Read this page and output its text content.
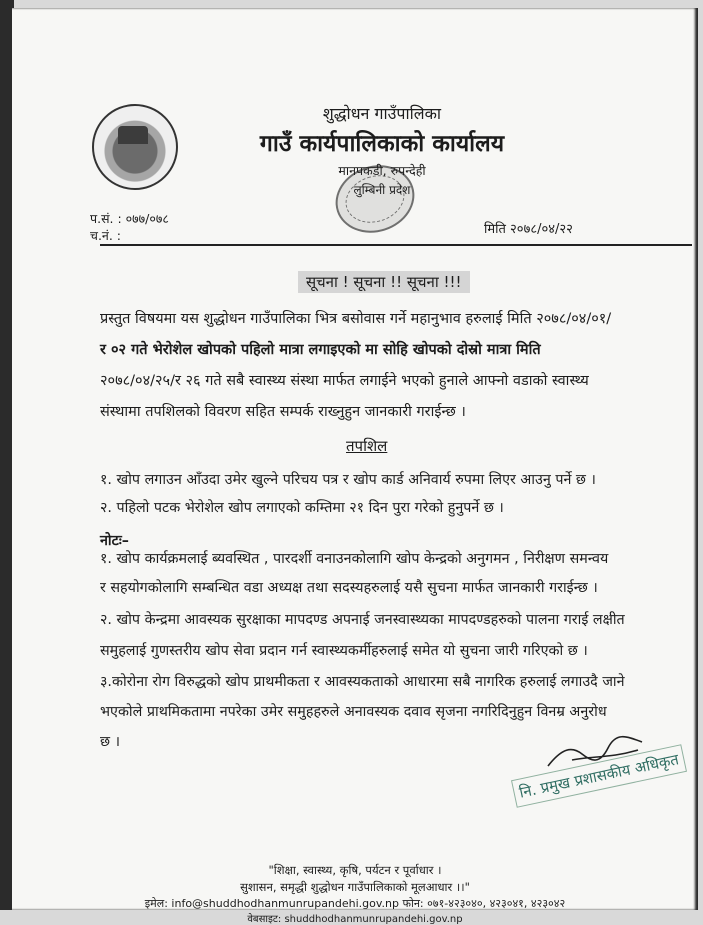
शुद्धोधन गाउँपालिका
गाउँ कार्यपालिकाको कार्यालय
मानपकडी, रुपन्देही
लुम्बिनी प्रदेश
प.सं. : ०७७/०७८
च.नं. :	मिति २०७८/०४/२२
सूचना ! सूचना !! सूचना !!!
प्रस्तुत विषयमा यस शुद्धोधन गाउँपालिका भित्र बसोवास गर्ने महानुभाव हरुलाई मिति २०७८/०४/०१/
र ०२ गते भेरोशेल खोपको पहिलो मात्रा लगाइएको मा सोहि खोपको दोस्रो मात्रा मिति
२०७८/०४/२५/र २६ गते सबै स्वास्थ्य संस्था मार्फत लगाईने भएको हुनाले आफ्नो वडाको स्वास्थ्य
संस्थामा तपशिलको विवरण सहित सम्पर्क राख्नुहुन जानकारी गराईन्छ ।
तपशिल
१. खोप लगाउन आँउदा उमेर खुल्ने परिचय पत्र र खोप कार्ड अनिवार्य रुपमा लिएर आउनु पर्ने छ ।
२. पहिलो पटक भेरोशेल खोप लगाएको कम्तिमा २१ दिन पुरा गरेको हुनुपर्ने छ ।
नोटः–
१. खोप कार्यक्रमलाई ब्यवस्थित , पारदर्शी वनाउनकोलागि खोप केन्द्रको अनुगमन , निरीक्षण समन्वय
र सहयोगकोलागि सम्बन्धित वडा अध्यक्ष तथा सदस्यहरुलाई यसै सुचना मार्फत जानकारी गराईन्छ ।
२. खोप केन्द्रमा आवस्यक सुरक्षाका मापदण्ड अपनाई जनस्वास्थ्यका मापदण्डहरुको पालना गराई लक्षीत
समुहलाई गुणस्तरीय खोप सेवा प्रदान गर्न स्वास्थ्यकर्मीहरुलाई समेत यो सुचना जारी गरिएको छ ।
३.कोरोना रोग विरुद्धको खोप प्राथमीकता र आवस्यकताको आधारमा सबै नागरिक हरुलाई लगाउदै जाने
भएकोले प्राथमिकतामा नपरेका उमेर समुहहरुले अनावस्यक दवाव सृजना नगरिदिनुहुन विनम्र अनुरोध
छ ।
नि. प्रमुख प्रशासकीय अधिकृत
"शिक्षा, स्वास्थ्य, कृषि, पर्यटन र पूर्वाधार ।
सुशासन, समृद्धी शुद्धोधन गाउँपालिकाको मूलआधार ।।"
इमेल: info@shuddhodhanmunrupandehi.gov.np फोन: ०७१-४२३०४०, ४२३०४१, ४२३०४२
वेबसाइट: shuddhodhanmunrupandehi.gov.np
